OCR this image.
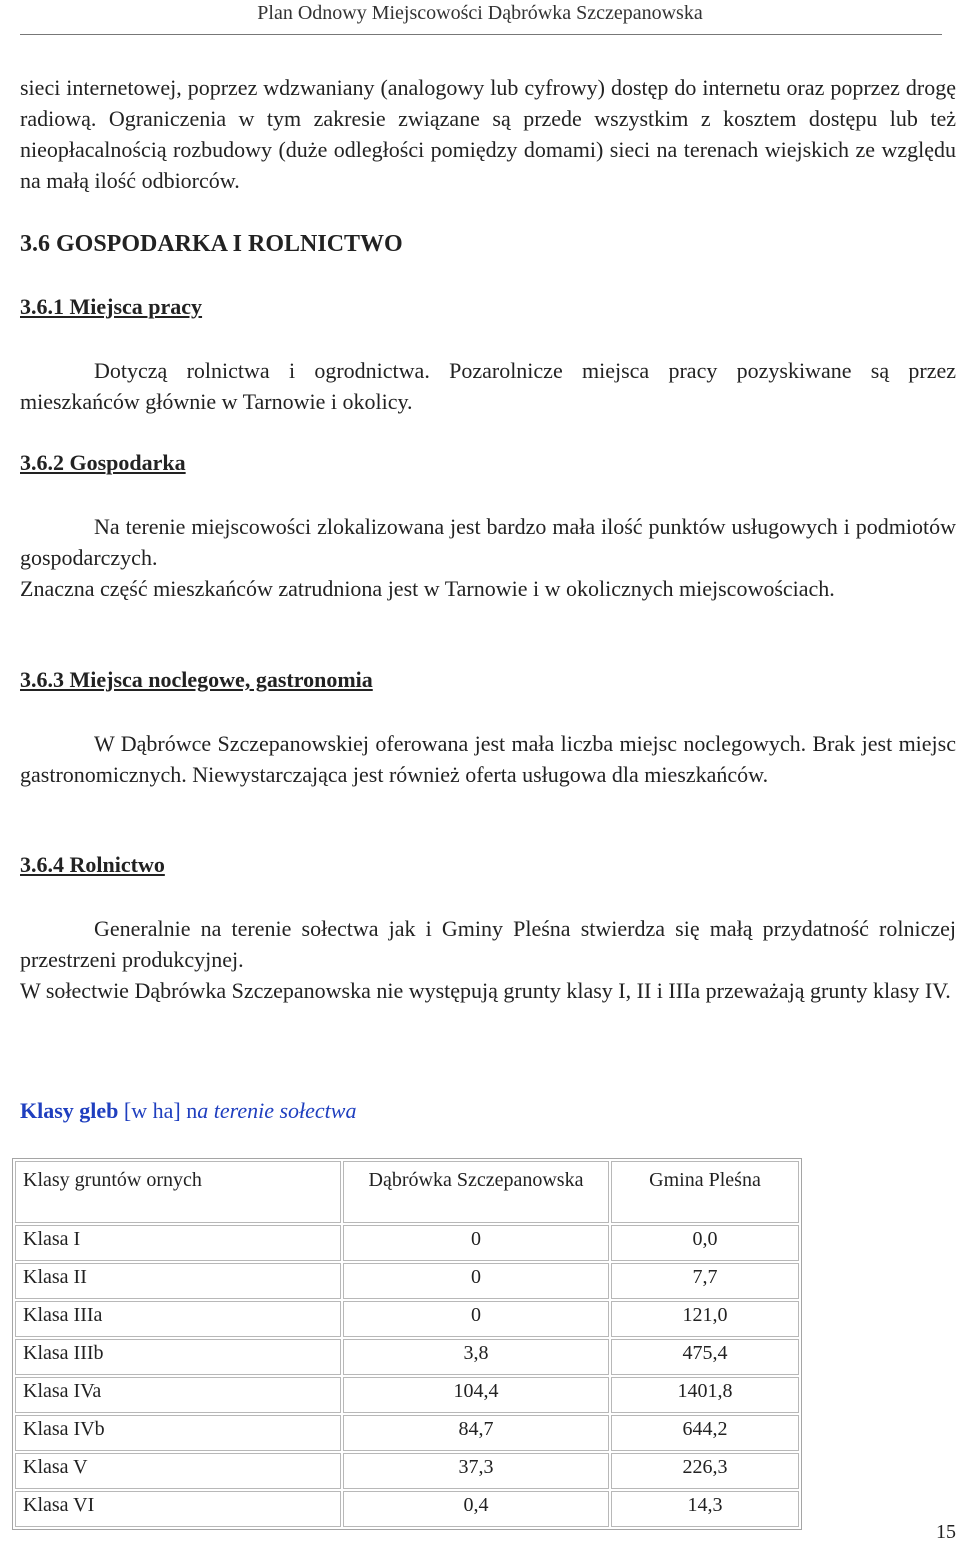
Plan Odnowy Miejscowości Dąbrówka Szczepanowska
sieci internetowej, poprzez wdzwaniany (analogowy lub cyfrowy) dostęp do internetu oraz poprzez drogę radiową. Ograniczenia w tym zakresie związane są przede wszystkim z kosztem dostępu lub też nieopłacalnością rozbudowy (duże odległości pomiędzy domami) sieci na terenach wiejskich ze względu na małą ilość odbiorców.
3.6 GOSPODARKA I ROLNICTWO
3.6.1 Miejsca pracy
Dotyczą rolnictwa i ogrodnictwa. Pozarolnicze miejsca pracy pozyskiwane są przez mieszkańców głównie w Tarnowie i okolicy.
3.6.2 Gospodarka
Na terenie miejscowości zlokalizowana jest bardzo mała ilość punktów usługowych i podmiotów gospodarczych.
Znaczna część mieszkańców zatrudniona jest w Tarnowie i w okolicznych miejscowościach.
3.6.3 Miejsca noclegowe, gastronomia
W Dąbrówce Szczepanowskiej oferowana jest mała liczba miejsc noclegowych. Brak jest miejsc gastronomicznych. Niewystarczająca jest również oferta usługowa dla mieszkańców.
3.6.4 Rolnictwo
Generalnie na terenie sołectwa jak i Gminy Pleśna stwierdza się małą przydatność rolniczej przestrzeni produkcyjnej.
W sołectwie Dąbrówka Szczepanowska nie występują grunty klasy I, II i IIIa przeważają grunty klasy IV.
Klasy gleb [w ha] na terenie sołectwa
Klasy gruntów ornych	Dąbrówka Szczepanowska	Gmina Pleśna
Klasa I	0	0,0
Klasa II	0	7,7
Klasa IIIa	0	121,0
Klasa IIIb	3,8	475,4
Klasa IVa	104,4	1401,8
Klasa IVb	84,7	644,2
Klasa V	37,3	226,3
Klasa VI	0,4	14,3
15
